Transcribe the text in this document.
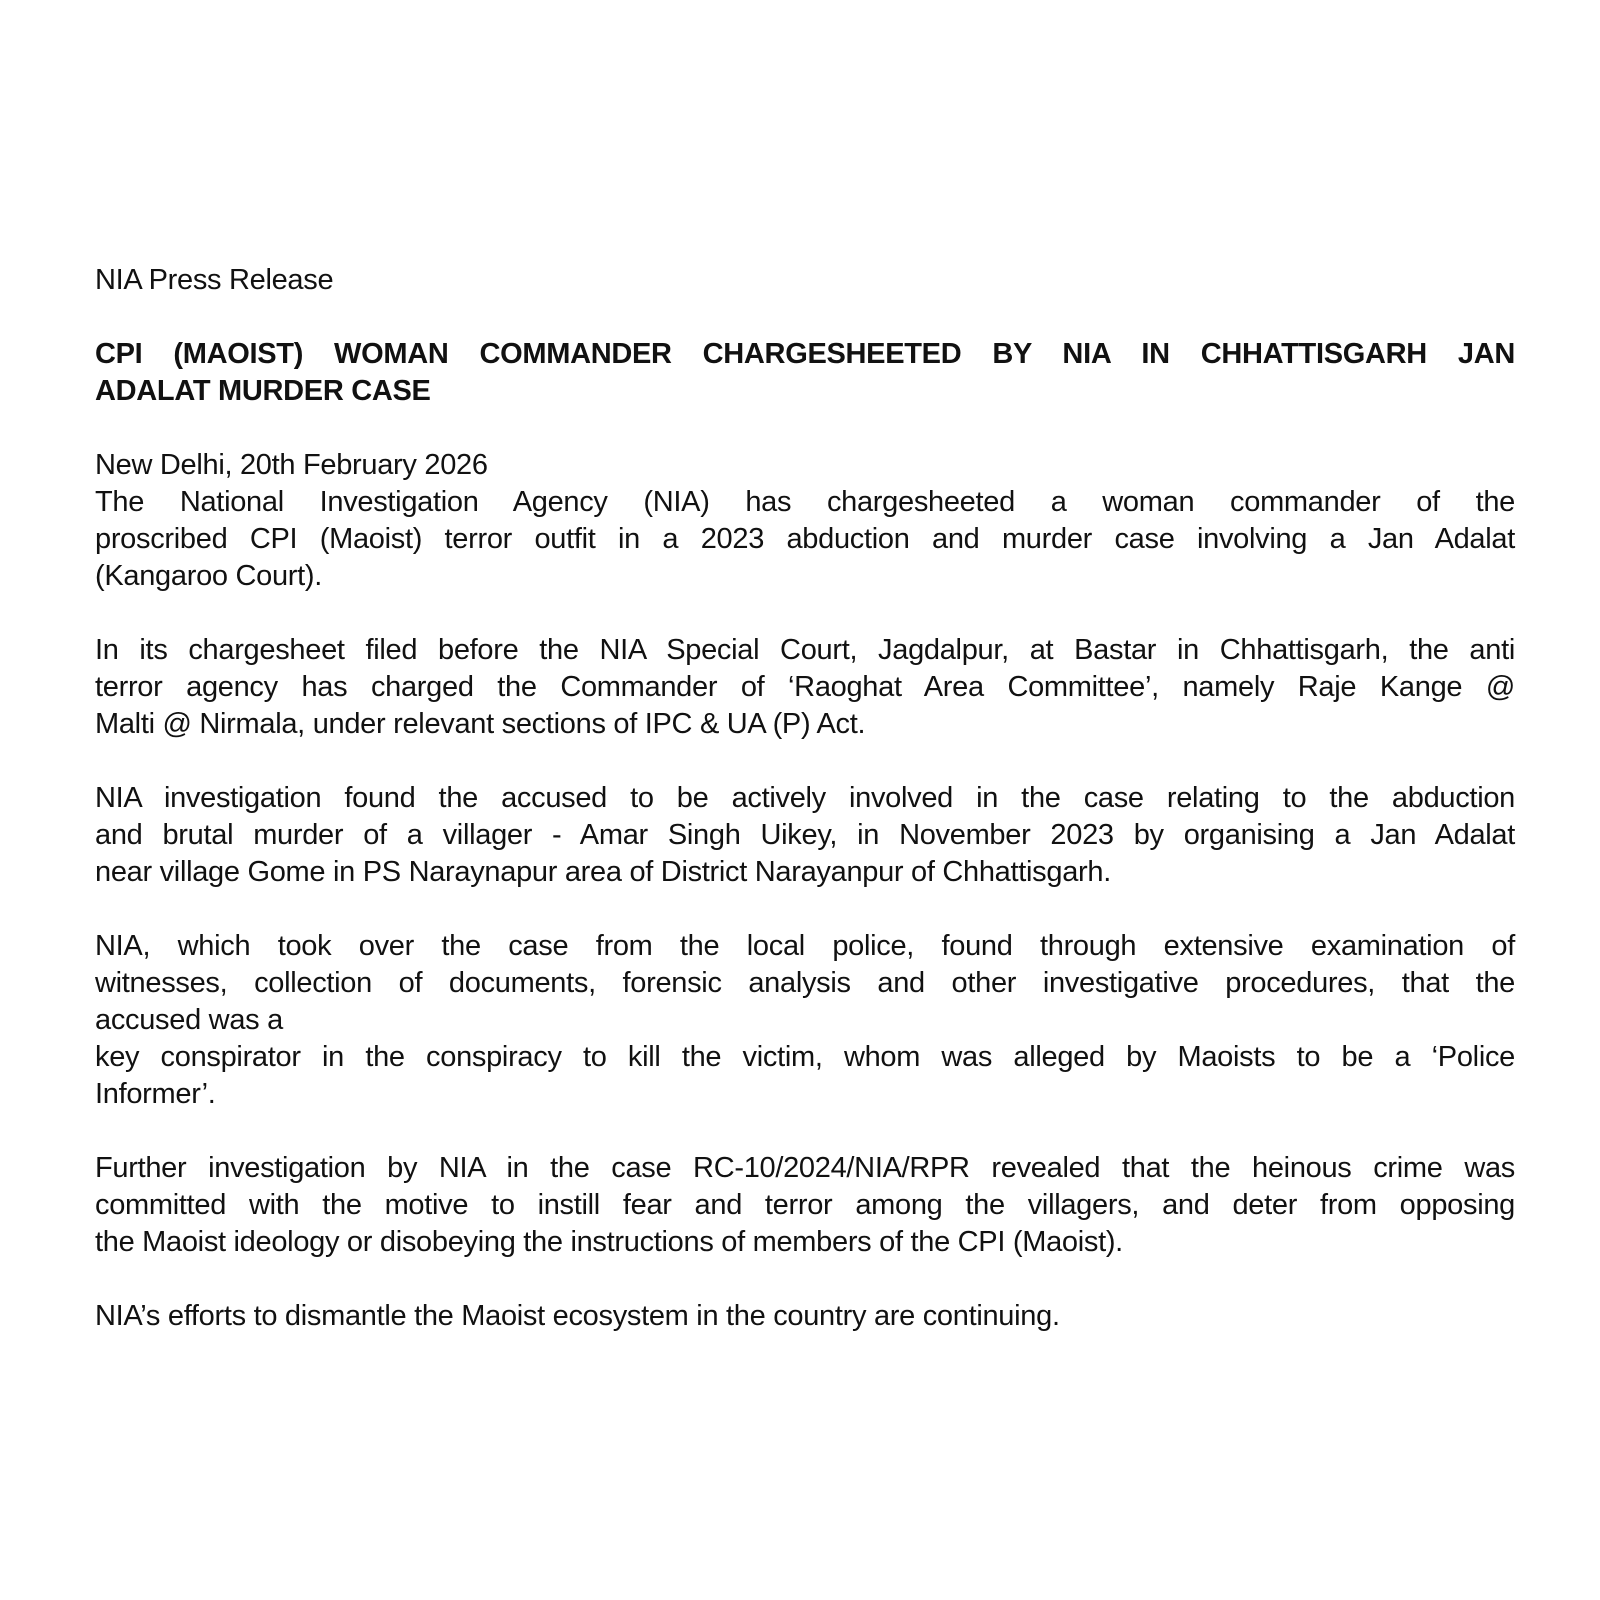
NIA Press Release
CPI (MAOIST) WOMAN COMMANDER CHARGESHEETED BY NIA IN CHHATTISGARH JAN
ADALAT MURDER CASE
New Delhi, 20th February 2026
The National Investigation Agency (NIA) has chargesheeted a woman commander of the
proscribed CPI (Maoist) terror outfit in a 2023 abduction and murder case involving a Jan Adalat
(Kangaroo Court).
In its chargesheet filed before the NIA Special Court, Jagdalpur, at Bastar in Chhattisgarh, the anti
terror agency has charged the Commander of ‘Raoghat Area Committee’, namely Raje Kange @
Malti @ Nirmala, under relevant sections of IPC & UA (P) Act.
NIA investigation found the accused to be actively involved in the case relating to the abduction
and brutal murder of a villager - Amar Singh Uikey, in November 2023 by organising a Jan Adalat
near village Gome in PS Naraynapur area of District Narayanpur of Chhattisgarh.
NIA, which took over the case from the local police, found through extensive examination of
witnesses, collection of documents, forensic analysis and other investigative procedures, that the
accused was a
key conspirator in the conspiracy to kill the victim, whom was alleged by Maoists to be a ‘Police
Informer’.
Further investigation by NIA in the case RC-10/2024/NIA/RPR revealed that the heinous crime was
committed with the motive to instill fear and terror among the villagers, and deter from opposing
the Maoist ideology or disobeying the instructions of members of the CPI (Maoist).
NIA’s efforts to dismantle the Maoist ecosystem in the country are continuing.
